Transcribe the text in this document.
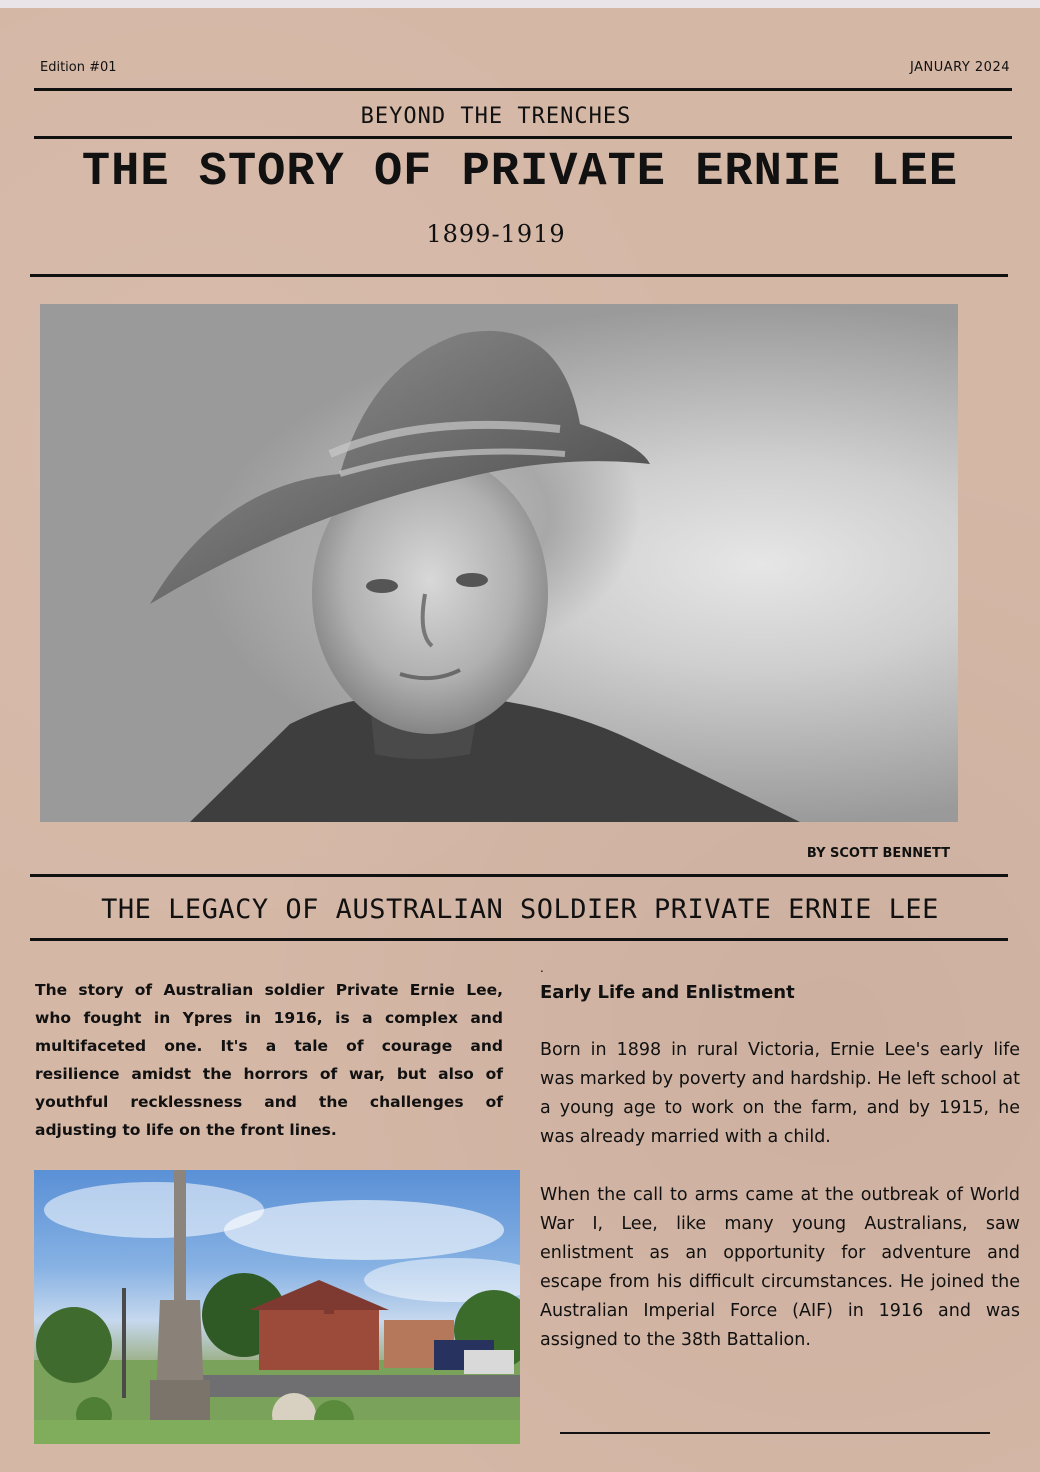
Edition #01	JANUARY 2024
BEYOND THE TRENCHES
THE STORY OF PRIVATE ERNIE LEE
1899-1919
BY SCOTT BENNETT
THE LEGACY OF AUSTRALIAN SOLDIER PRIVATE ERNIE LEE
The story of Australian soldier Private Ernie Lee, who fought in Ypres in 1916, is a complex and multifaceted one. It's a tale of courage and resilience amidst the horrors of war, but also of youthful recklessness and the challenges of adjusting to life on the front lines.
.
Early Life and Enlistment

Born in 1898 in rural Victoria, Ernie Lee's early life was marked by poverty and hardship. He left school at a young age to work on the farm, and by 1915, he was already married with a child.

When the call to arms came at the outbreak of World War I, Lee, like many young Australians, saw enlistment as an opportunity for adventure and escape from his difficult circumstances. He joined the Australian Imperial Force (AIF) in 1916 and was assigned to the 38th Battalion.
